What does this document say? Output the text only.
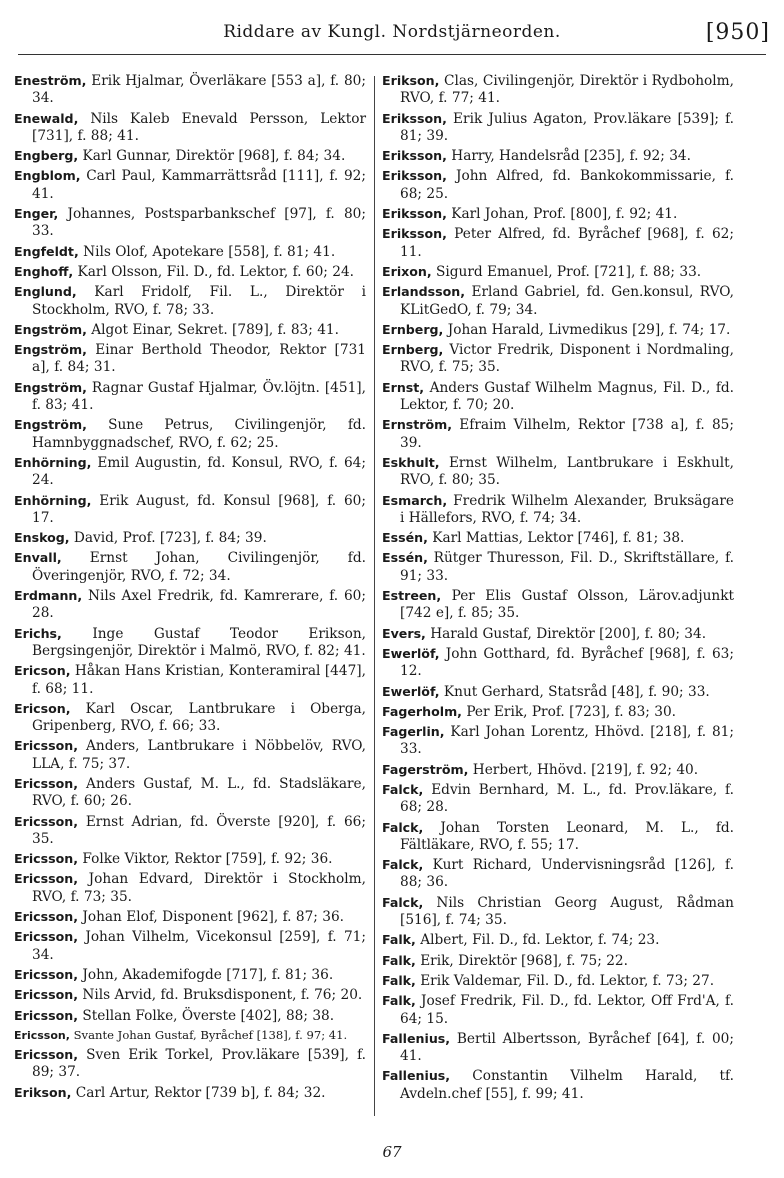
Riddare av Kungl. Nordstjärneorden.	[950]

Eneström, Erik Hjalmar, Överläkare [553 a], f. 80; 34.

Enewald, Nils Kaleb Enevald Persson, Lektor [731], f. 88; 41.

Engberg, Karl Gunnar, Direktör [968], f. 84; 34.

Engblom, Carl Paul, Kammarrättsråd [111], f. 92; 41.

Enger, Johannes, Postsparbankschef [97], f. 80; 33.

Engfeldt, Nils Olof, Apotekare [558], f. 81; 41.

Enghoff, Karl Olsson, Fil. D., fd. Lektor, f. 60; 24.

Englund, Karl Fridolf, Fil. L., Direktör i Stockholm, RVO, f. 78; 33.

Engström, Algot Einar, Sekret. [789], f. 83; 41.

Engström, Einar Berthold Theodor, Rektor [731 a], f. 84; 31.

Engström, Ragnar Gustaf Hjalmar, Öv.löjtn. [451], f. 83; 41.

Engström, Sune Petrus, Civilingenjör, fd. Hamnbyggnadschef, RVO, f. 62; 25.

Enhörning, Emil Augustin, fd. Konsul, RVO, f. 64; 24.

Enhörning, Erik August, fd. Konsul [968], f. 60; 17.

Enskog, David, Prof. [723], f. 84; 39.

Envall, Ernst Johan, Civilingenjör, fd. Överingenjör, RVO, f. 72; 34.

Erdmann, Nils Axel Fredrik, fd. Kamrerare, f. 60; 28.

Erichs, Inge Gustaf Teodor Erikson, Bergsingenjör, Direktör i Malmö, RVO, f. 82; 41.

Ericson, Håkan Hans Kristian, Konteramiral [447], f. 68; 11.

Ericson, Karl Oscar, Lantbrukare i Oberga, Gripenberg, RVO, f. 66; 33.

Ericsson, Anders, Lantbrukare i Nöbbelöv, RVO, LLA, f. 75; 37.

Ericsson, Anders Gustaf, M. L., fd. Stadsläkare, RVO, f. 60; 26.

Ericsson, Ernst Adrian, fd. Överste [920], f. 66; 35.

Ericsson, Folke Viktor, Rektor [759], f. 92; 36.

Ericsson, Johan Edvard, Direktör i Stockholm, RVO, f. 73; 35.

Ericsson, Johan Elof, Disponent [962], f. 87; 36.

Ericsson, Johan Vilhelm, Vicekonsul [259], f. 71; 34.

Ericsson, John, Akademifogde [717], f. 81; 36.

Ericsson, Nils Arvid, fd. Bruksdisponent, f. 76; 20.

Ericsson, Stellan Folke, Överste [402], 88; 38.

Ericsson, Svante Johan Gustaf, Byråchef [138], f. 97; 41.

Ericsson, Sven Erik Torkel, Prov.läkare [539], f. 89; 37.

Erikson, Carl Artur, Rektor [739 b], f. 84; 32.

Erikson, Clas, Civilingenjör, Direktör i Rydboholm, RVO, f. 77; 41.

Eriksson, Erik Julius Agaton, Prov.läkare [539]; f. 81; 39.

Eriksson, Harry, Handelsråd [235], f. 92; 34.

Eriksson, John Alfred, fd. Bankokommissarie, f. 68; 25.

Eriksson, Karl Johan, Prof. [800], f. 92; 41.

Eriksson, Peter Alfred, fd. Byråchef [968], f. 62; 11.

Erixon, Sigurd Emanuel, Prof. [721], f. 88; 33.

Erlandsson, Erland Gabriel, fd. Gen.konsul, RVO, KLitGedO, f. 79; 34.

Ernberg, Johan Harald, Livmedikus [29], f. 74; 17.

Ernberg, Victor Fredrik, Disponent i Nordmaling, RVO, f. 75; 35.

Ernst, Anders Gustaf Wilhelm Magnus, Fil. D., fd. Lektor, f. 70; 20.

Ernström, Efraim Vilhelm, Rektor [738 a], f. 85; 39.

Eskhult, Ernst Wilhelm, Lantbrukare i Eskhult, RVO, f. 80; 35.

Esmarch, Fredrik Wilhelm Alexander, Bruksägare i Hällefors, RVO, f. 74; 34.

Essén, Karl Mattias, Lektor [746], f. 81; 38.

Essén, Rütger Thuresson, Fil. D., Skriftställare, f. 91; 33.

Estreen, Per Elis Gustaf Olsson, Lärov.adjunkt [742 e], f. 85; 35.

Evers, Harald Gustaf, Direktör [200], f. 80; 34.

Ewerlöf, John Gotthard, fd. Byråchef [968], f. 63; 12.

Ewerlöf, Knut Gerhard, Statsråd [48], f. 90; 33.

Fagerholm, Per Erik, Prof. [723], f. 83; 30.

Fagerlin, Karl Johan Lorentz, Hhövd. [218], f. 81; 33.

Fagerström, Herbert, Hhövd. [219], f. 92; 40.

Falck, Edvin Bernhard, M. L., fd. Prov.läkare, f. 68; 28.

Falck, Johan Torsten Leonard, M. L., fd. Fältläkare, RVO, f. 55; 17.

Falck, Kurt Richard, Undervisningsråd [126], f. 88; 36.

Falck, Nils Christian Georg August, Rådman [516], f. 74; 35.

Falk, Albert, Fil. D., fd. Lektor, f. 74; 23.

Falk, Erik, Direktör [968], f. 75; 22.

Falk, Erik Valdemar, Fil. D., fd. Lektor, f. 73; 27.

Falk, Josef Fredrik, Fil. D., fd. Lektor, Off Frd'A, f. 64; 15.

Fallenius, Bertil Albertsson, Byråchef [64], f. 00; 41.

Fallenius, Constantin Vilhelm Harald, tf. Avdeln.chef [55], f. 99; 41.

67
